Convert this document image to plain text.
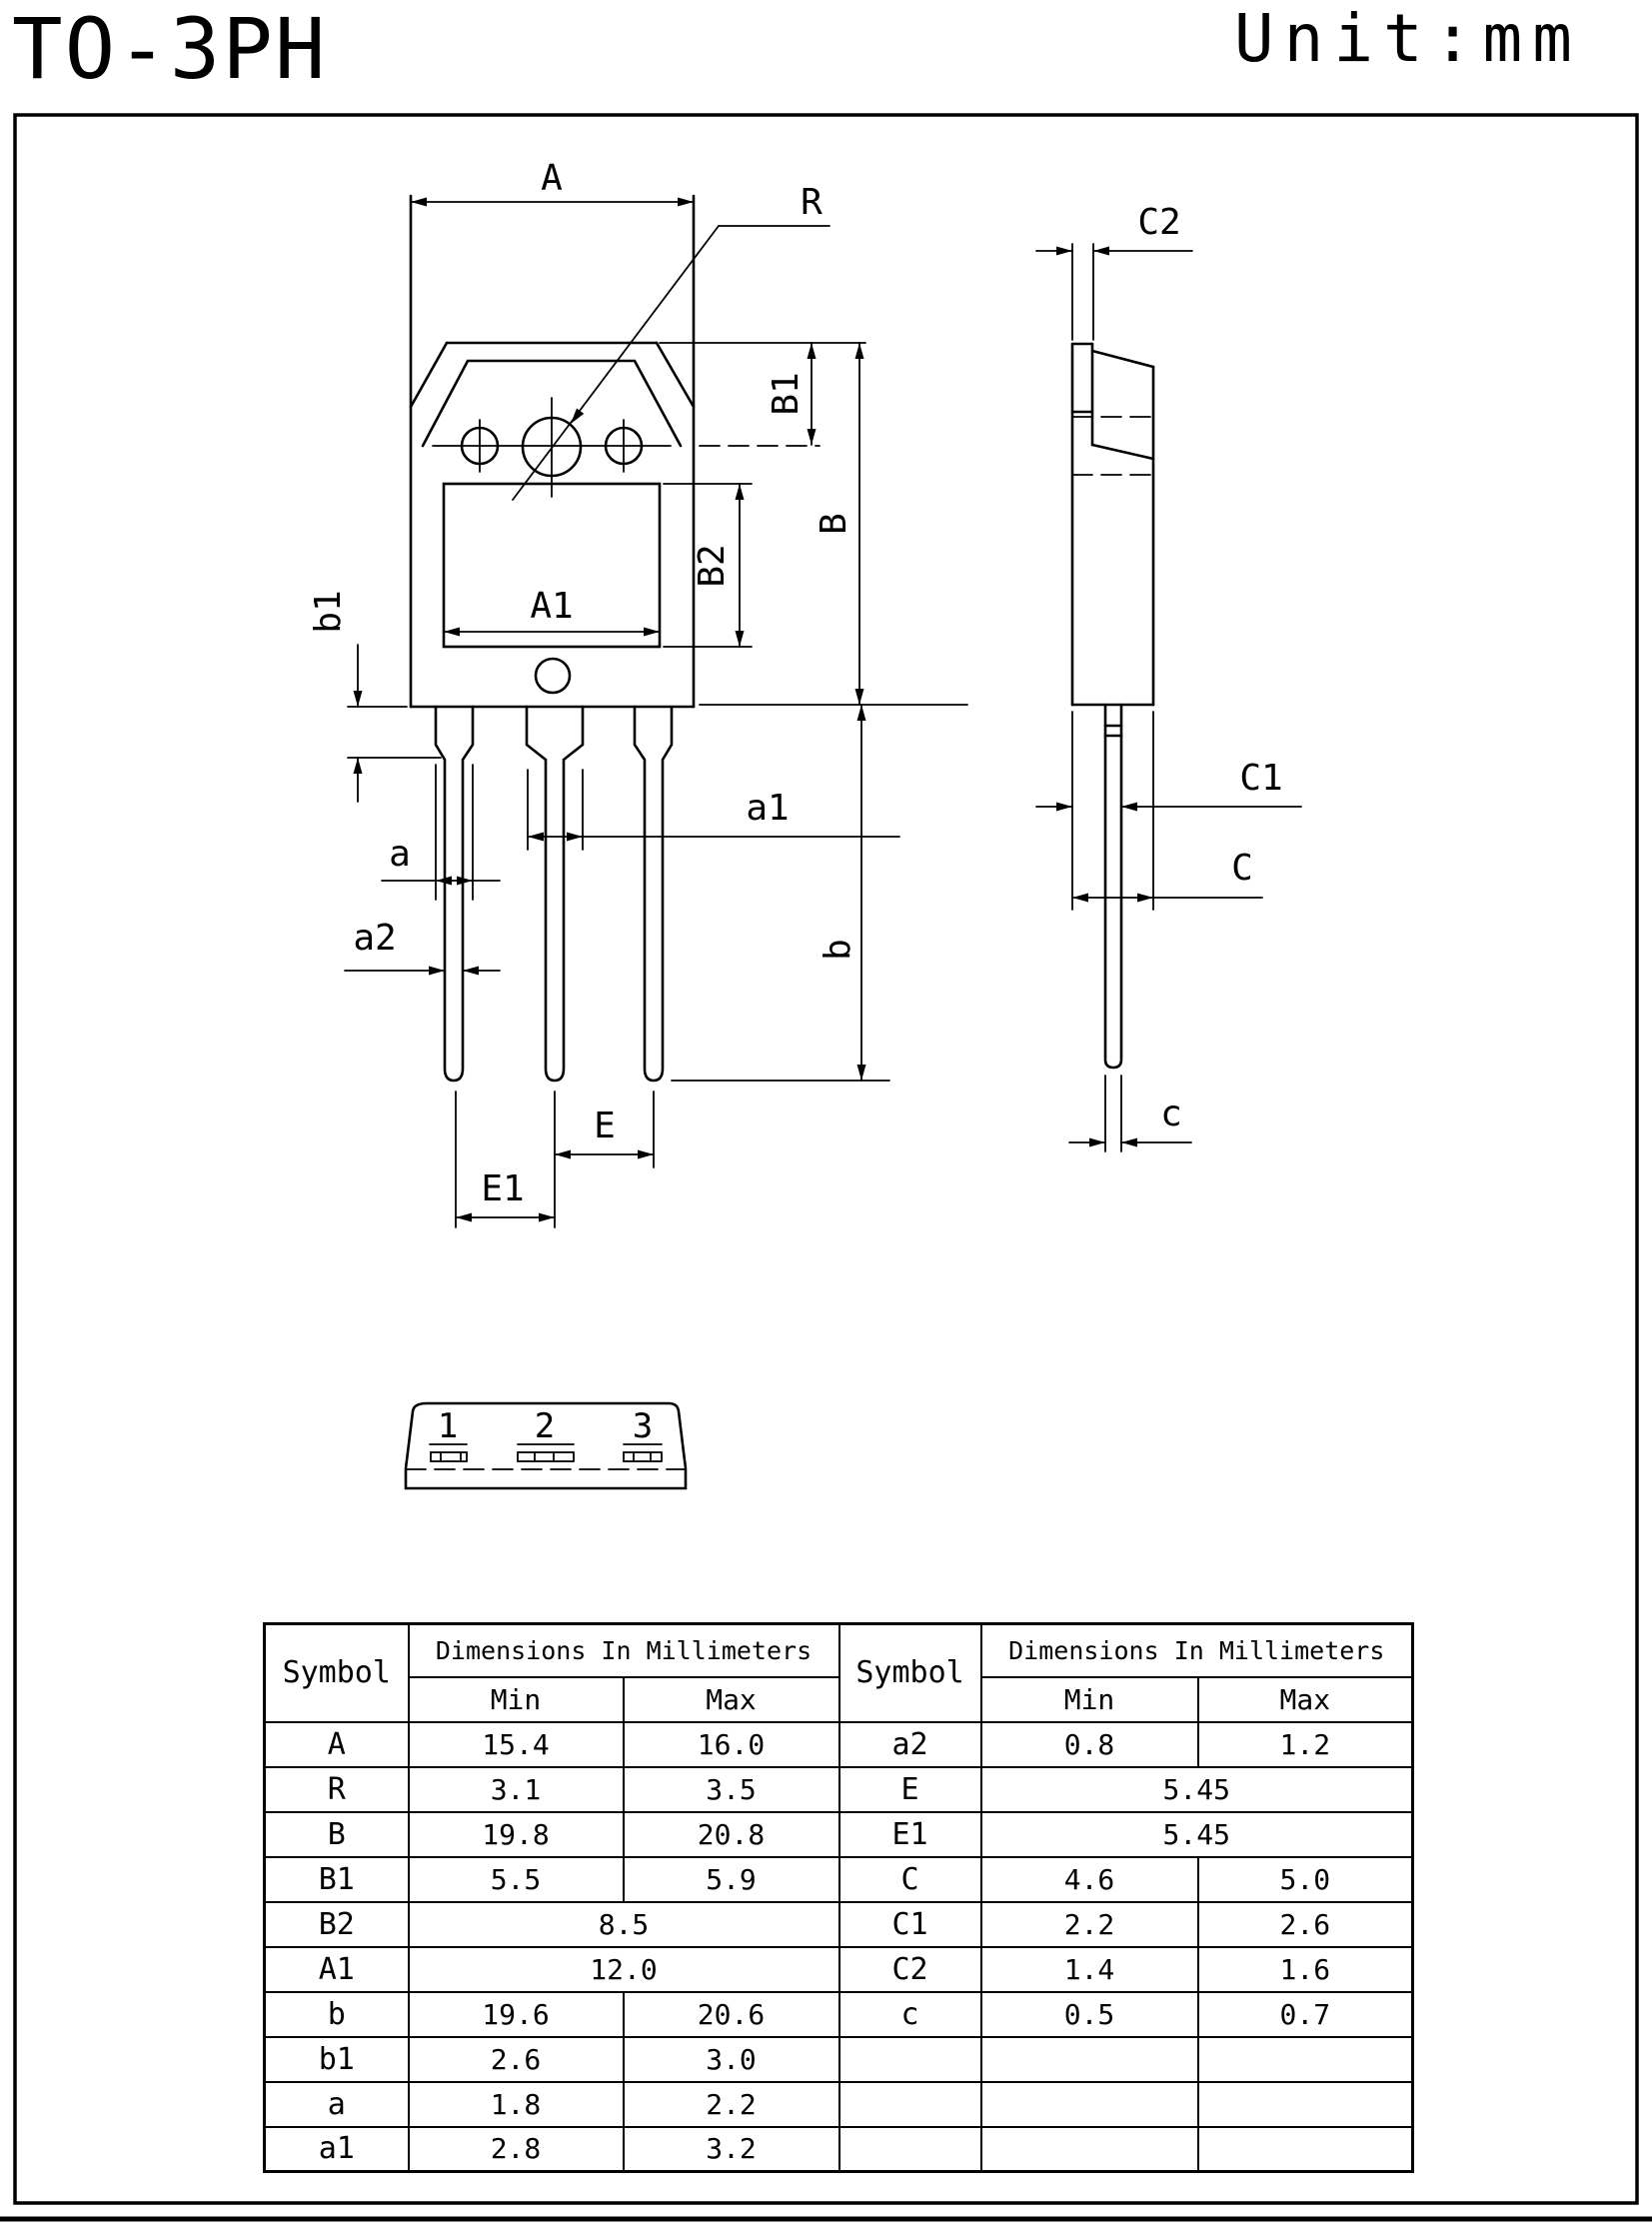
TO-3PH	Unit:mm
A
R
B1
B
B2
A1
b1
a
a2
a1
b
E
E1
C2
C1
C
c
1 2 3
Symbol	Dimensions In Millimeters		Symbol	Dimensions In Millimeters	
	Min	Max		Min	Max
A	15.4	16.0	a2	0.8	1.2
R	3.1	3.5	E	5.45	
B	19.8	20.8	E1	5.45	
B1	5.5	5.9	C	4.6	5.0
B2	8.5		C1	2.2	2.6
A1	12.0		C2	1.4	1.6
b	19.6	20.6	c	0.5	0.7
b1	2.6	3.0			
a	1.8	2.2			
a1	2.8	3.2			
